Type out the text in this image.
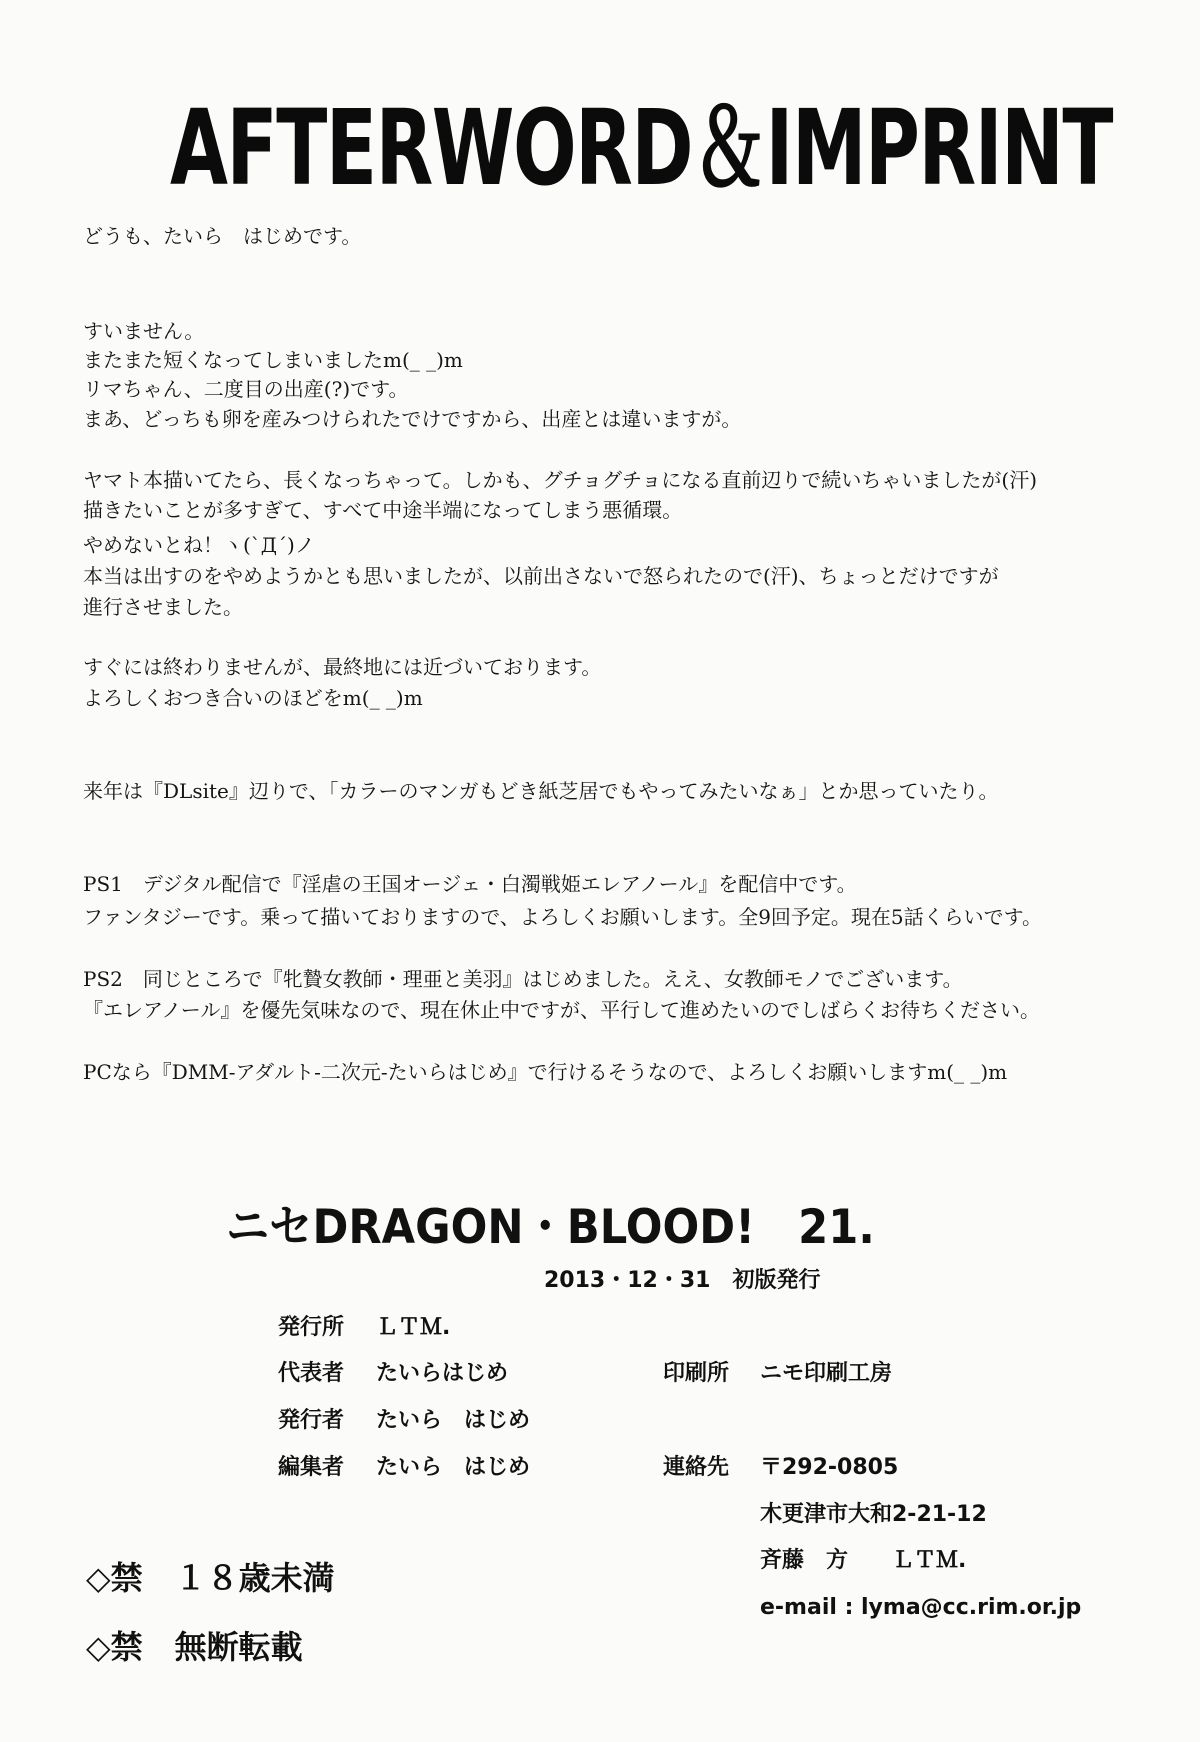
AFTERWORD＆IMPRINT
どうも、たいら　はじめです。
すいません。
またまた短くなってしまいましたm(_ _)m
リマちゃん、二度目の出産(?)です。
まあ、どっちも卵を産みつけられたでけですから、出産とは違いますが。
ヤマト本描いてたら、長くなっちゃって。しかも、グチョグチョになる直前辺りで続いちゃいましたが(汗)
描きたいことが多すぎて、すべて中途半端になってしまう悪循環。
やめないとね！ヽ(`Д´)ノ
本当は出すのをやめようかとも思いましたが、以前出さないで怒られたので(汗)、ちょっとだけですが
進行させました。
すぐには終わりませんが、最終地には近づいております。
よろしくおつき合いのほどをm(_ _)m
来年は『DLsite』辺りで、「カラーのマンガもどき紙芝居でもやってみたいなぁ」とか思っていたり。
PS1　デジタル配信で『淫虐の王国オージェ・白濁戦姫エレアノール』を配信中です。
ファンタジーです。乗って描いておりますので、よろしくお願いします。全9回予定。現在5話くらいです。
PS2　同じところで『牝贄女教師・理亜と美羽』はじめました。ええ、女教師モノでございます。
『エレアノール』を優先気味なので、現在休止中ですが、平行して進めたいのでしばらくお待ちください。
PCなら『DMM-アダルト-二次元-たいらはじめ』で行けるそうなので、よろしくお願いしますm(_ _)m
ニセDRAGON・BLOOD!　21.
2013・12・31　初版発行
発行所 ＬＴＭ.
代表者 たいらはじめ	印刷所 ニモ印刷工房
発行者 たいら　はじめ
編集者 たいら　はじめ	連絡先 〒292-0805
木更津市大和2-21-12
斉藤　方　　ＬＴＭ.
e-mail : lyma@cc.rim.or.jp
◇禁　１８歳未満
◇禁　無断転載
